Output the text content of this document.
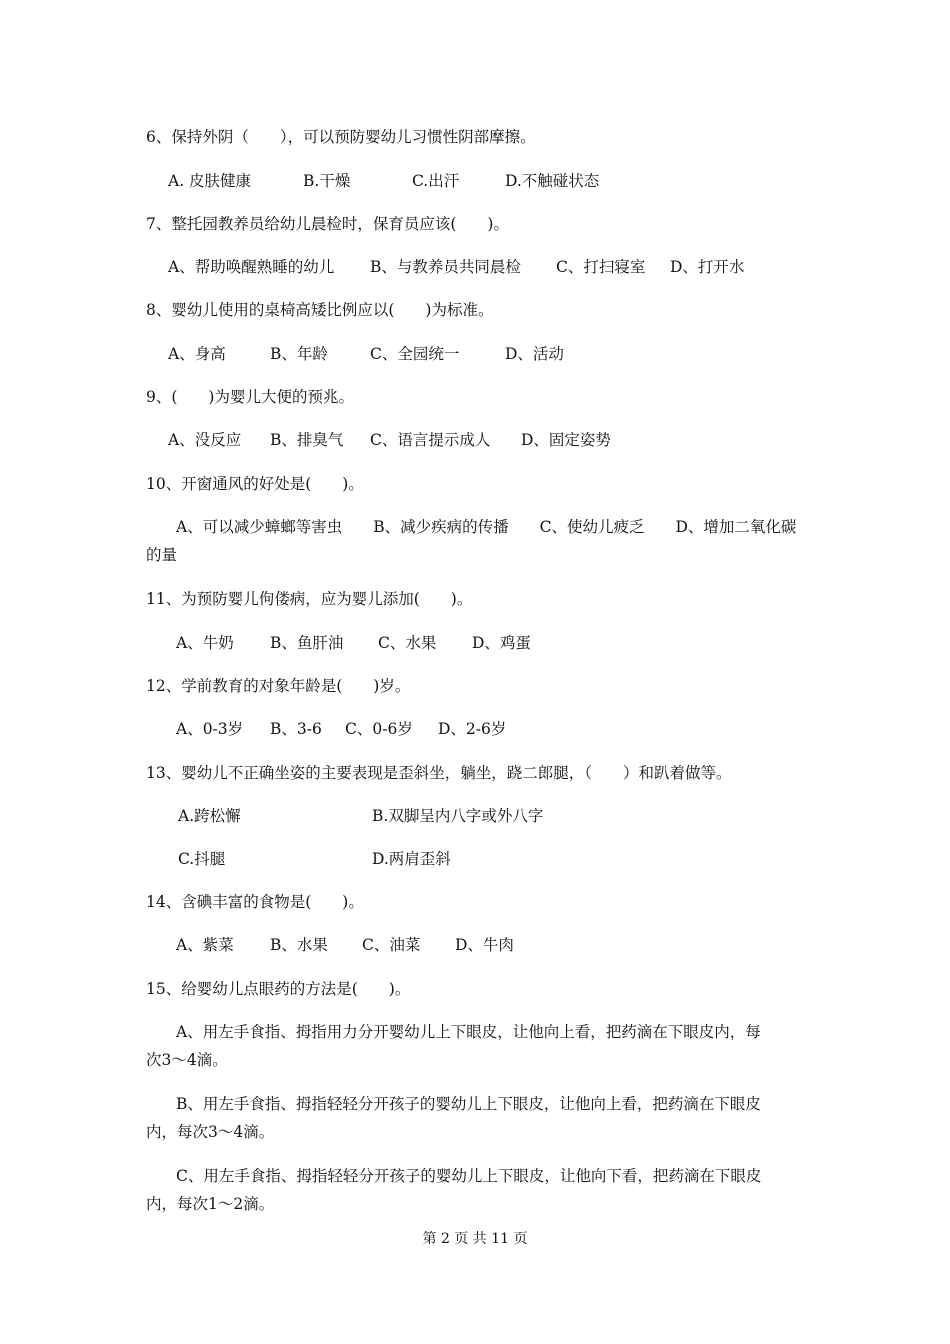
6、保持外阴（　　），可以预防婴幼儿习惯性阴部摩擦。
A. 皮肤健康	B.干燥	C.出汗	D.不触碰状态
7、整托园教养员给幼儿晨检时，保育员应该(　　)。
A、帮助唤醒熟睡的幼儿 B、与教养员共同晨检 C、打扫寝室 D、打开水
8、婴幼儿使用的桌椅高矮比例应以(　　)为标准。
A、身高	B、年龄	C、全园统一	D、活动
9、(　　)为婴儿大便的预兆。
A、没反应 B、排臭气 C、语言提示成人 D、固定姿势
10、开窗通风的好处是(　　)。
A、可以减少蟑螂等害虫　　B、减少疾病的传播　　C、使幼儿疲乏　　D、增加二氧化碳
的量
11、为预防婴儿佝偻病，应为婴儿添加(　　)。
A、牛奶 B、鱼肝油 C、水果 D、鸡蛋
12、学前教育的对象年龄是(　　)岁。
A、0-3岁 B、3-6 C、0-6岁 D、2-6岁
13、婴幼儿不正确坐姿的主要表现是歪斜坐，躺坐，跷二郎腿，（　　）和趴着做等。
A.跨松懈	B.双脚呈内八字或外八字
C.抖腿	D.两肩歪斜
14、含碘丰富的食物是(　　)。
A、紫菜 B、水果 C、油菜 D、牛肉
15、给婴幼儿点眼药的方法是(　　)。
A、用左手食指、拇指用力分开婴幼儿上下眼皮，让他向上看，把药滴在下眼皮内，每
次3～4滴。
B、用左手食指、拇指轻轻分开孩子的婴幼儿上下眼皮，让他向上看，把药滴在下眼皮
内，每次3～4滴。
C、用左手食指、拇指轻轻分开孩子的婴幼儿上下眼皮，让他向下看，把药滴在下眼皮
内，每次1～2滴。
第 2 页 共 11 页
